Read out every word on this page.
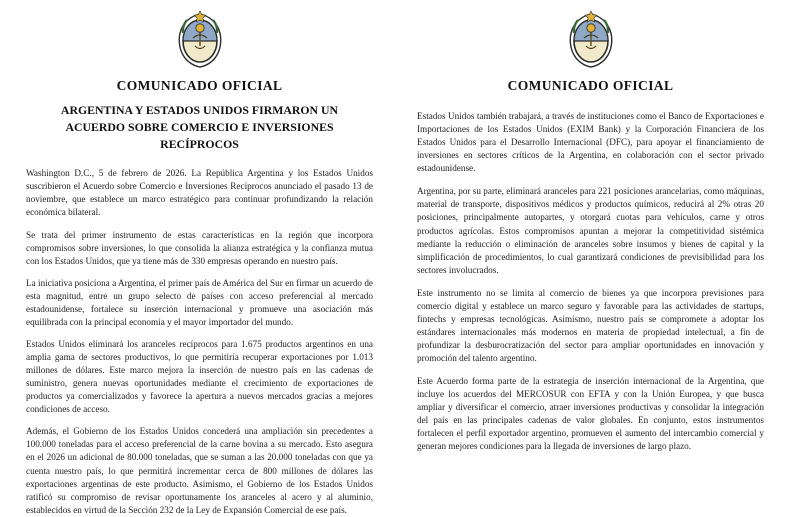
COMUNICADO OFICIAL
ARGENTINA Y ESTADOS UNIDOS FIRMARON UN ACUERDO SOBRE COMERCIO E INVERSIONES RECÍPROCOS

Washington D.C., 5 de febrero de 2026. La República Argentina y los Estados Unidos suscribieron el Acuerdo sobre Comercio e Inversiones Recíprocos anunciado el pasado 13 de noviembre, que establece un marco estratégico para continuar profundizando la relación económica bilateral.

Se trata del primer instrumento de estas características en la región que incorpora compromisos sobre inversiones, lo que consolida la alianza estratégica y la confianza mutua con los Estados Unidos, que ya tiene más de 330 empresas operando en nuestro país.

La iniciativa posiciona a Argentina, el primer país de América del Sur en firmar un acuerdo de esta magnitud, entre un grupo selecto de países con acceso preferencial al mercado estadounidense, fortalece su inserción internacional y promueve una asociación más equilibrada con la principal economía y el mayor importador del mundo.

Estados Unidos eliminará los aranceles recíprocos para 1.675 productos argentinos en una amplia gama de sectores productivos, lo que permitiría recuperar exportaciones por 1.013 millones de dólares. Este marco mejora la inserción de nuestro país en las cadenas de suministro, genera nuevas oportunidades mediante el crecimiento de exportaciones de productos ya comercializados y favorece la apertura a nuevos mercados gracias a mejores condiciones de acceso.

Además, el Gobierno de los Estados Unidos concederá una ampliación sin precedentes a 100.000 toneladas para el acceso preferencial de la carne bovina a su mercado. Esto asegura en el 2026 un adicional de 80.000 toneladas, que se suman a las 20.000 toneladas con que ya cuenta nuestro país, lo que permitirá incrementar cerca de 800 millones de dólares las exportaciones argentinas de este producto. Asimismo, el Gobierno de los Estados Unidos ratificó su compromiso de revisar oportunamente los aranceles al acero y al aluminio, establecidos en virtud de la Sección 232 de la Ley de Expansión Comercial de ese país.

COMUNICADO OFICIAL

Estados Unidos también trabajará, a través de instituciones como el Banco de Exportaciones e Importaciones de los Estados Unidos (EXIM Bank) y la Corporación Financiera de los Estados Unidos para el Desarrollo Internacional (DFC), para apoyar el financiamiento de inversiones en sectores críticos de la Argentina, en colaboración con el sector privado estadounidense.

Argentina, por su parte, eliminará aranceles para 221 posiciones arancelarias, como máquinas, material de transporte, dispositivos médicos y productos químicos, reducirá al 2% otras 20 posiciones, principalmente autopartes, y otorgará cuotas para vehículos, carne y otros productos agrícolas. Estos compromisos apuntan a mejorar la competitividad sistémica mediante la reducción o eliminación de aranceles sobre insumos y bienes de capital y la simplificación de procedimientos, lo cual garantizará condiciones de previsibilidad para los sectores involucrados.

Este instrumento no se limita al comercio de bienes ya que incorpora previsiones para comercio digital y establece un marco seguro y favorable para las actividades de startups, fintechs y empresas tecnológicas. Asimismo, nuestro país se compromete a adoptar los estándares internacionales más modernos en materia de propiedad intelectual, a fin de profundizar la desburocratización del sector para ampliar oportunidades en innovación y promoción del talento argentino.

Este Acuerdo forma parte de la estrategia de inserción internacional de la Argentina, que incluye los acuerdos del MERCOSUR con EFTA y con la Unión Europea, y que busca ampliar y diversificar el comercio, atraer inversiones productivas y consolidar la integración del país en las principales cadenas de valor globales. En conjunto, estos instrumentos fortalecen el perfil exportador argentino, promueven el aumento del intercambio comercial y generan mejores condiciones para la llegada de inversiones de largo plazo.
